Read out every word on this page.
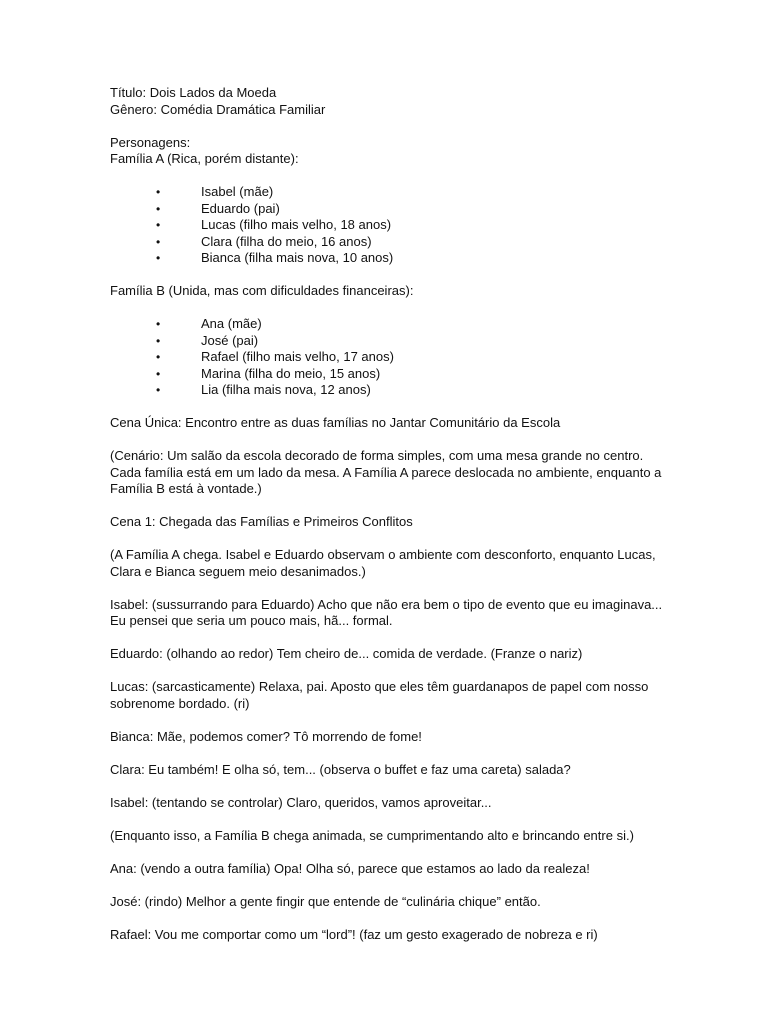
Título: Dois Lados da Moeda

Gênero: Comédia Dramática Familiar

Personagens:

Família A (Rica, porém distante):

•	Isabel (mãe)
•	Eduardo (pai)
•	Lucas (filho mais velho, 18 anos)
•	Clara (filha do meio, 16 anos)
•	Bianca (filha mais nova, 10 anos)

Família B (Unida, mas com dificuldades financeiras):

•	Ana (mãe)
•	José (pai)
•	Rafael (filho mais velho, 17 anos)
•	Marina (filha do meio, 15 anos)
•	Lia (filha mais nova, 12 anos)

Cena Única: Encontro entre as duas famílias no Jantar Comunitário da Escola

(Cenário: Um salão da escola decorado de forma simples, com uma mesa grande no centro.

Cada família está em um lado da mesa. A Família A parece deslocada no ambiente, enquanto a

Família B está à vontade.)

Cena 1: Chegada das Famílias e Primeiros Conflitos

(A Família A chega. Isabel e Eduardo observam o ambiente com desconforto, enquanto Lucas,

Clara e Bianca seguem meio desanimados.)

Isabel: (sussurrando para Eduardo) Acho que não era bem o tipo de evento que eu imaginava...

Eu pensei que seria um pouco mais, hã... formal.

Eduardo: (olhando ao redor) Tem cheiro de... comida de verdade. (Franze o nariz)

Lucas: (sarcasticamente) Relaxa, pai. Aposto que eles têm guardanapos de papel com nosso

sobrenome bordado. (ri)

Bianca: Mãe, podemos comer? Tô morrendo de fome!

Clara: Eu também! E olha só, tem... (observa o buffet e faz uma careta) salada?

Isabel: (tentando se controlar) Claro, queridos, vamos aproveitar...

(Enquanto isso, a Família B chega animada, se cumprimentando alto e brincando entre si.)

Ana: (vendo a outra família) Opa! Olha só, parece que estamos ao lado da realeza!

José: (rindo) Melhor a gente fingir que entende de “culinária chique” então.

Rafael: Vou me comportar como um “lord”! (faz um gesto exagerado de nobreza e ri)
